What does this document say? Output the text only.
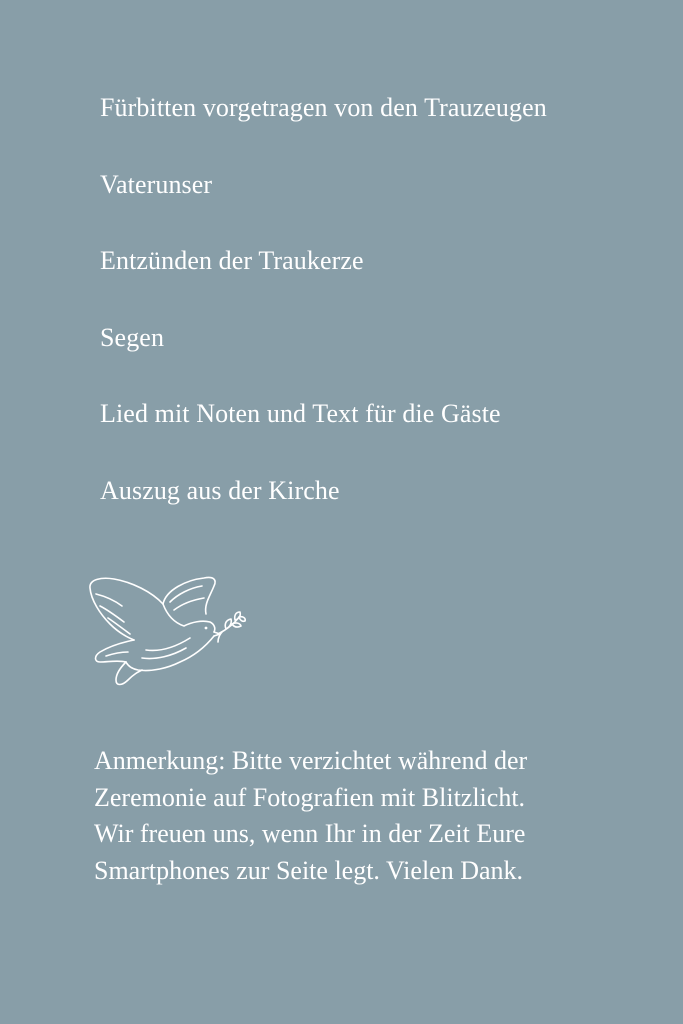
Fürbitten vorgetragen von den Trauzeugen
Vaterunser
Entzünden der Traukerze
Segen
Lied mit Noten und Text für die Gäste
Auszug aus der Kirche
Anmerkung: Bitte verzichtet während der
Zeremonie auf Fotografien mit Blitzlicht.
Wir freuen uns, wenn Ihr in der Zeit Eure
Smartphones zur Seite legt. Vielen Dank.
